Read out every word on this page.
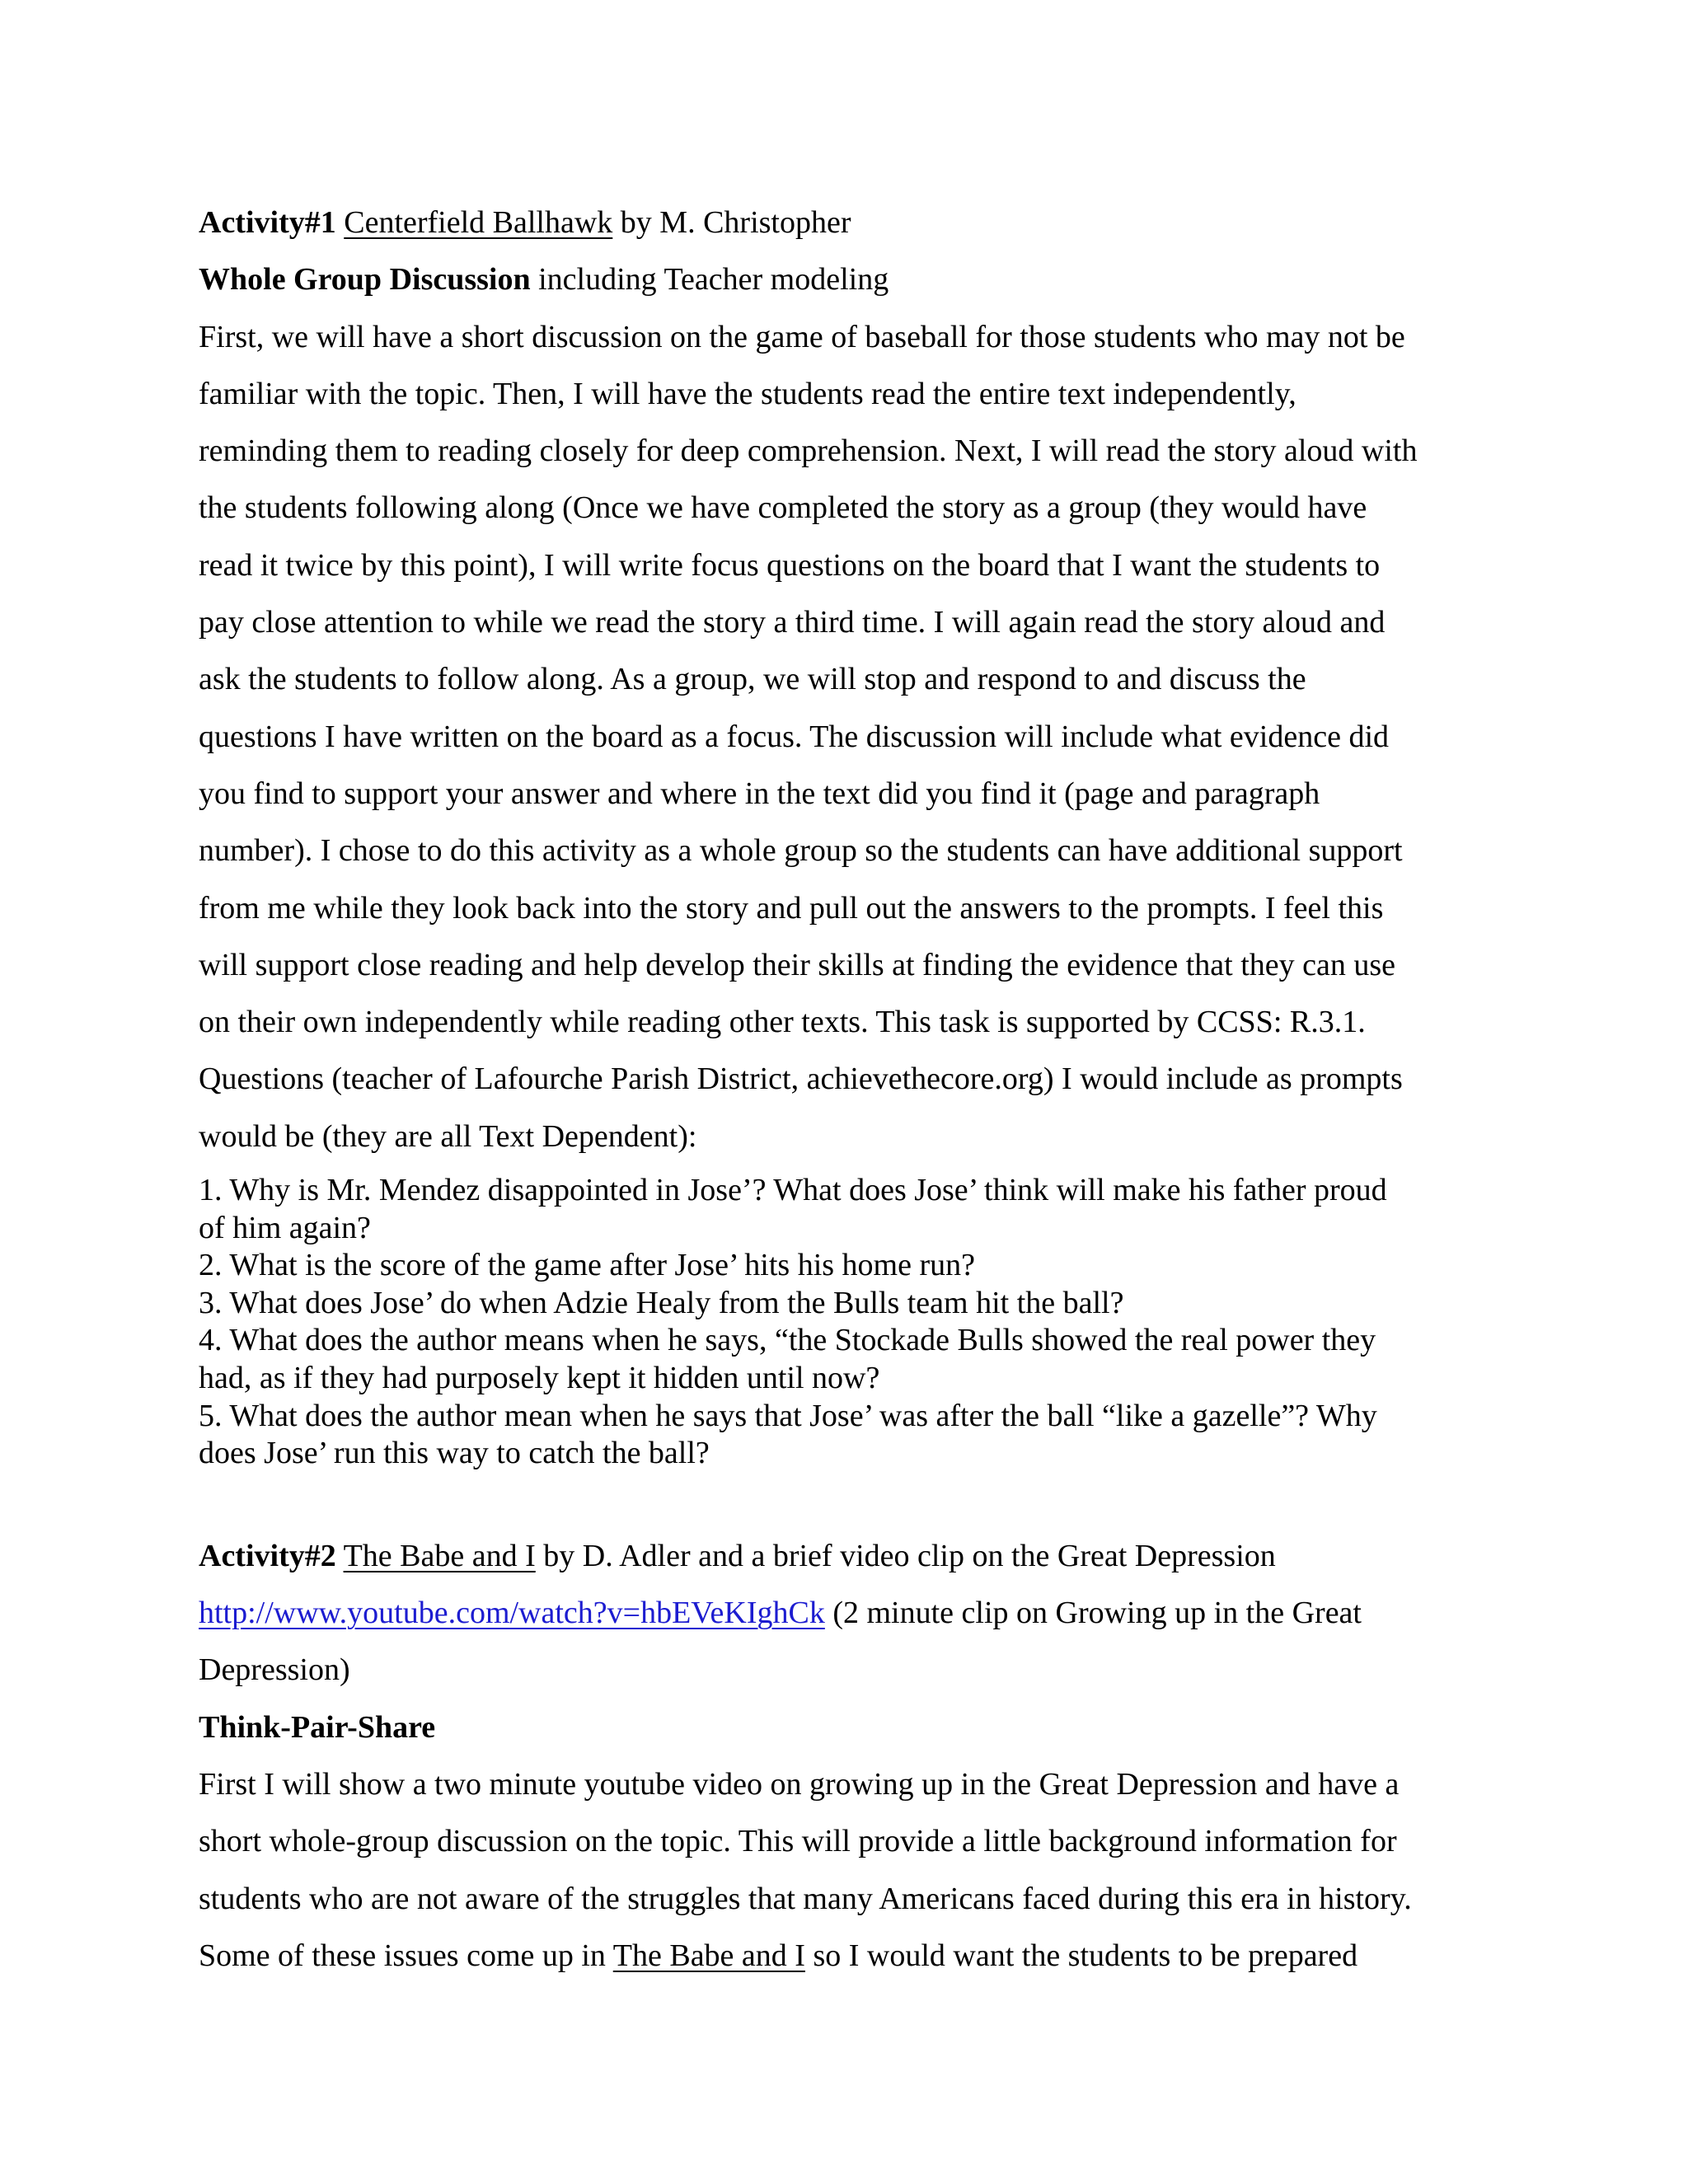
Activity#1 Centerfield Ballhawk by M. Christopher
Whole Group Discussion including Teacher modeling
First, we will have a short discussion on the game of baseball for those students who may not be
familiar with the topic. Then, I will have the students read the entire text independently,
reminding them to reading closely for deep comprehension. Next, I will read the story aloud with
the students following along (Once we have completed the story as a group (they would have
read it twice by this point), I will write focus questions on the board that I want the students to
pay close attention to while we read the story a third time. I will again read the story aloud and
ask the students to follow along. As a group, we will stop and respond to and discuss the
questions I have written on the board as a focus. The discussion will include what evidence did
you find to support your answer and where in the text did you find it (page and paragraph
number). I chose to do this activity as a whole group so the students can have additional support
from me while they look back into the story and pull out the answers to the prompts. I feel this
will support close reading and help develop their skills at finding the evidence that they can use
on their own independently while reading other texts. This task is supported by CCSS: R.3.1.
Questions (teacher of Lafourche Parish District, achievethecore.org) I would include as prompts
would be (they are all Text Dependent):
1. Why is Mr. Mendez disappointed in Jose’? What does Jose’ think will make his father proud
of him again?
2. What is the score of the game after Jose’ hits his home run?
3. What does Jose’ do when Adzie Healy from the Bulls team hit the ball?
4. What does the author means when he says, “the Stockade Bulls showed the real power they
had, as if they had purposely kept it hidden until now?
5. What does the author mean when he says that Jose’ was after the ball “like a gazelle”? Why
does Jose’ run this way to catch the ball?
Activity#2 The Babe and I by D. Adler and a brief video clip on the Great Depression
http://www.youtube.com/watch?v=hbEVeKIghCk (2 minute clip on Growing up in the Great
Depression)
Think-Pair-Share
First I will show a two minute youtube video on growing up in the Great Depression and have a
short whole-group discussion on the topic. This will provide a little background information for
students who are not aware of the struggles that many Americans faced during this era in history.
Some of these issues come up in The Babe and I so I would want the students to be prepared
